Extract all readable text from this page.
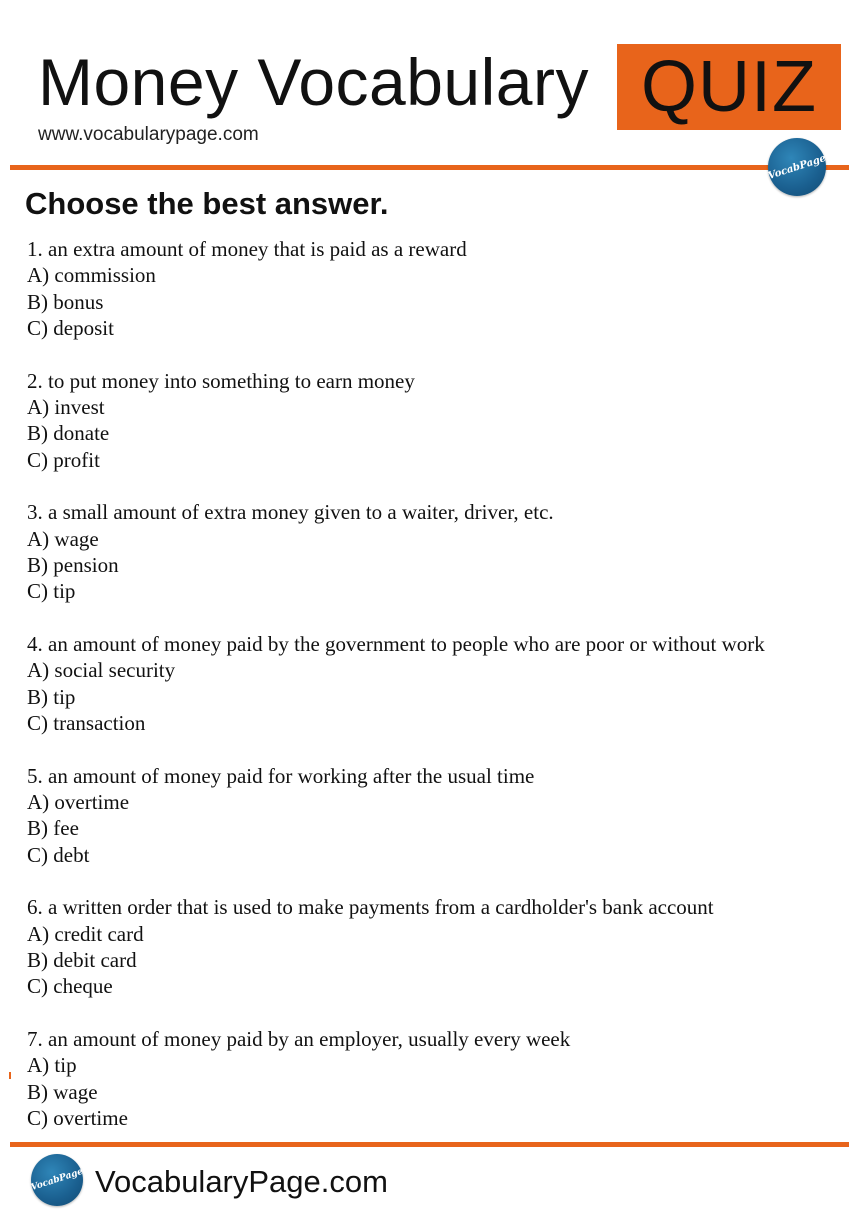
Money Vocabulary
www.vocabularypage.com
QUIZ
VocabPage
Choose the best answer.
1. an extra amount of money that is paid as a reward
A) commission
B) bonus
C) deposit
2. to put money into something to earn money
A) invest
B) donate
C) profit
3. a small amount of extra money given to a waiter, driver, etc.
A) wage
B) pension
C) tip
4. an amount of money paid by the government to people who are poor or without work
A) social security
B) tip
C) transaction
5. an amount of money paid for working after the usual time
A) overtime
B) fee
C) debt
6. a written order that is used to make payments from a cardholder's bank account
A) credit card
B) debit card
C) cheque
7. an amount of money paid by an employer, usually every week
A) tip
B) wage
C) overtime
VocabPage VocabularyPage.com
